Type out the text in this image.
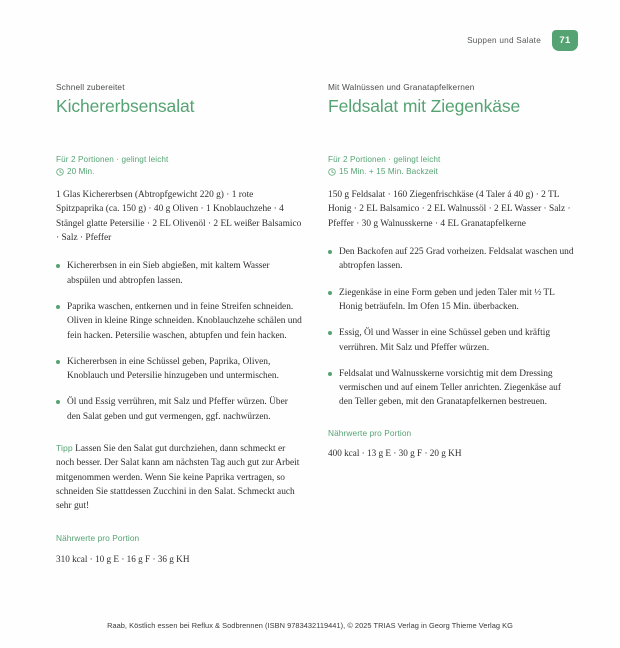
Suppen und Salate	71

Schnell zubereitet

Kichererbsensalat

Für 2 Portionen · gelingt leicht

20 Min.

1 Glas Kichererbsen (Abtropfgewicht 220 g) · 1 rote Spitzpaprika (ca. 150 g) · 40 g Oliven · 1 Knoblauchzehe · 4 Stängel glatte Petersilie · 2 EL Olivenöl · 2 EL weißer Balsamico · Salz · Pfeffer

Kichererbsen in ein Sieb abgießen, mit kaltem Wasser abspülen und abtropfen lassen.
Paprika waschen, entkernen und in feine Streifen schneiden. Oliven in kleine Ringe schneiden. Knoblauchzehe schälen und fein hacken. Petersilie waschen, abtupfen und fein hacken.
Kichererbsen in eine Schüssel geben, Paprika, Oliven, Knoblauch und Petersilie hinzugeben und untermischen.
Öl und Essig verrühren, mit Salz und Pfeffer würzen. Über den Salat geben und gut vermengen, ggf. nachwürzen.

Tipp Lassen Sie den Salat gut durchziehen, dann schmeckt er noch besser. Der Salat kann am nächsten Tag auch gut zur Arbeit mitgenommen werden. Wenn Sie keine Paprika vertragen, so schneiden Sie stattdessen Zucchini in den Salat. Schmeckt auch sehr gut!

Nährwerte pro Portion

310 kcal · 10 g E · 16 g F · 36 g KH

Mit Walnüssen und Granatapfelkernen

Feldsalat mit Ziegenkäse

Für 2 Portionen · gelingt leicht

15 Min. + 15 Min. Backzeit

150 g Feldsalat · 160 Ziegenfrischkäse (4 Taler á 40 g) · 2 TL Honig · 2 EL Balsamico · 2 EL Walnussöl · 2 EL Wasser · Salz · Pfeffer · 30 g Walnusskerne · 4 EL Granatapfelkerne

Den Backofen auf 225 Grad vorheizen. Feldsalat waschen und abtropfen lassen.
Ziegenkäse in eine Form geben und jeden Taler mit ½ TL Honig beträufeln. Im Ofen 15 Min. überbacken.
Essig, Öl und Wasser in eine Schüssel geben und kräftig verrühren. Mit Salz und Pfeffer würzen.
Feldsalat und Walnusskerne vorsichtig mit dem Dressing vermischen und auf einem Teller anrichten. Ziegenkäse auf den Teller geben, mit den Granatapfelkernen bestreuen.

Nährwerte pro Portion

400 kcal · 13 g E · 30 g F · 20 g KH

Raab, Köstlich essen bei Reflux & Sodbrennen (ISBN 9783432119441), © 2025 TRIAS Verlag in Georg Thieme Verlag KG
